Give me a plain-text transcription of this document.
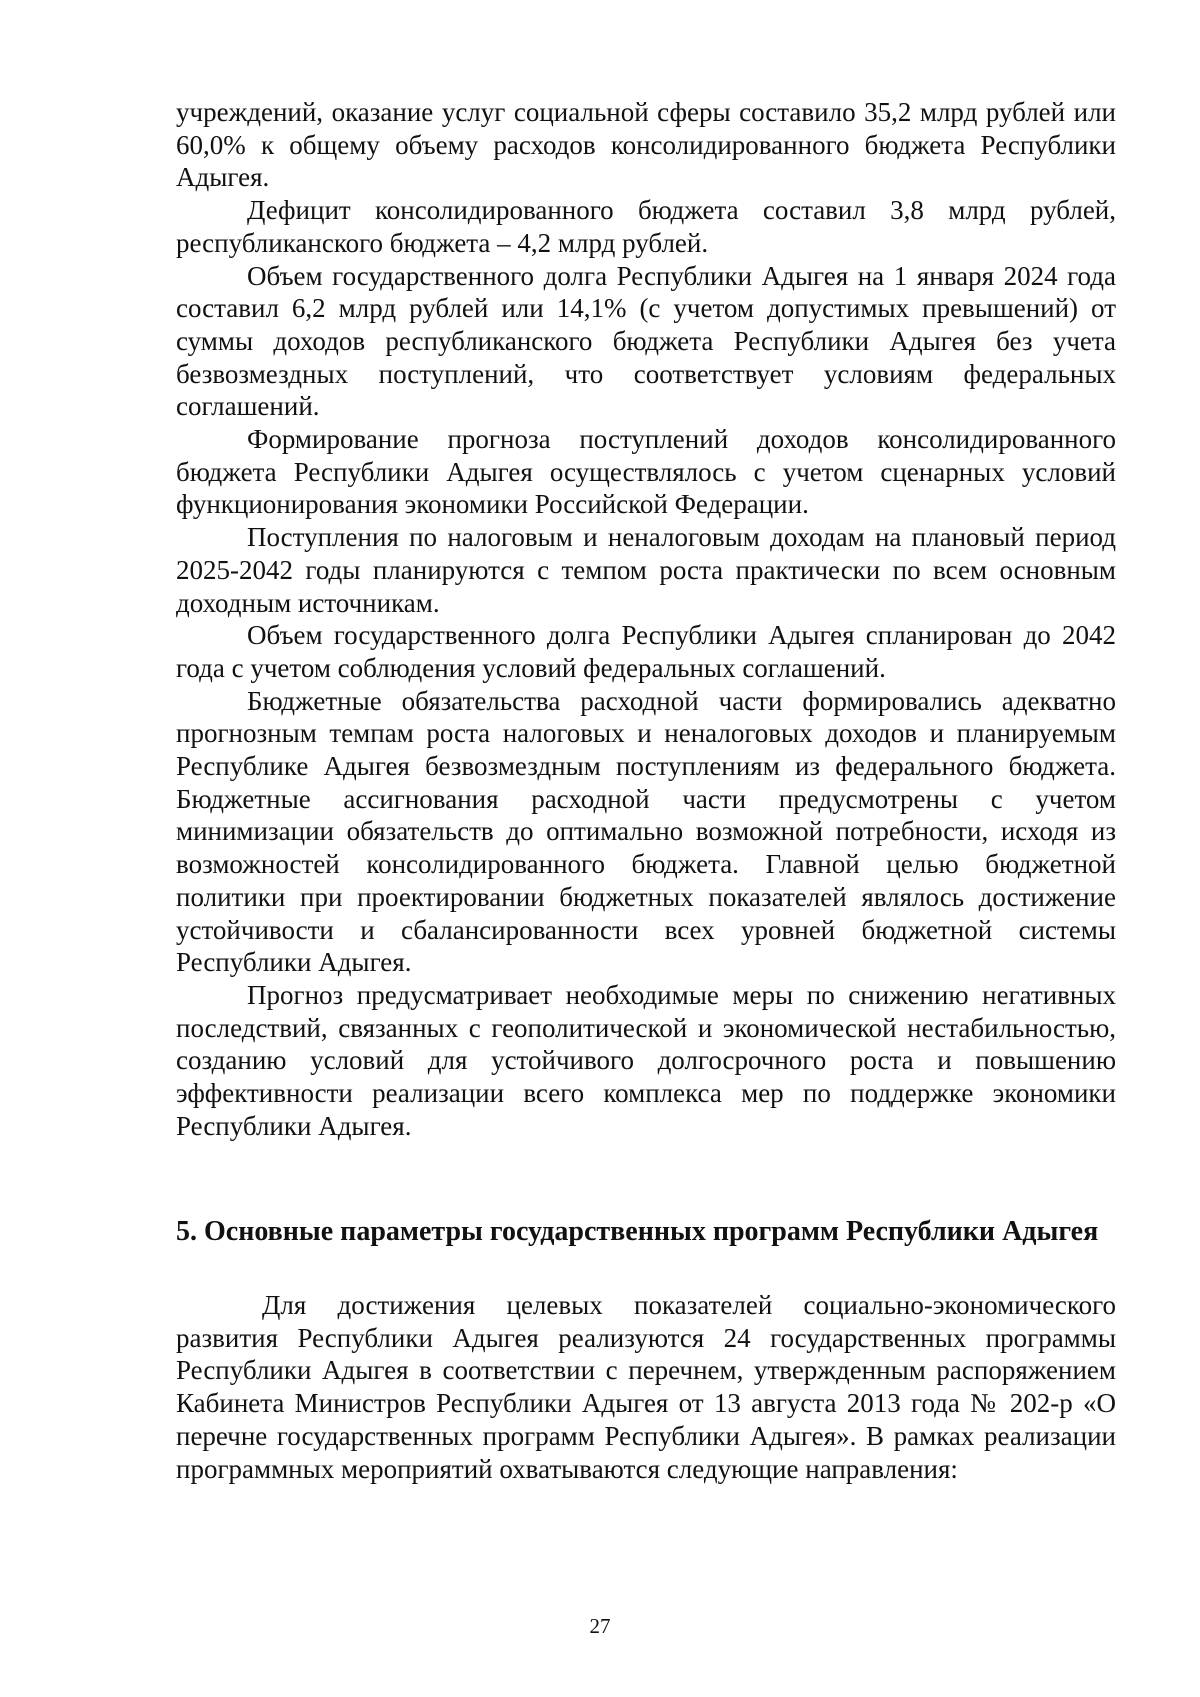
учреждений, оказание услуг социальной сферы составило 35,2 млрд рублей или 60,0% к общему объему расходов консолидированного бюджета Республики Адыгея.

Дефицит консолидированного бюджета составил 3,8 млрд рублей, республиканского бюджета – 4,2 млрд рублей.

Объем государственного долга Республики Адыгея на 1 января 2024 года составил 6,2 млрд рублей или 14,1% (с учетом допустимых превышений) от суммы доходов республиканского бюджета Республики Адыгея без учета безвозмездных поступлений, что соответствует условиям федеральных соглашений.

Формирование прогноза поступлений доходов консолидированного бюджета Республики Адыгея осуществлялось с учетом сценарных условий функционирования экономики Российской Федерации.

Поступления по налоговым и неналоговым доходам на плановый период 2025-2042 годы планируются с темпом роста практически по всем основным доходным источникам.

Объем государственного долга Республики Адыгея спланирован до 2042 года с учетом соблюдения условий федеральных соглашений.

Бюджетные обязательства расходной части формировались адекватно прогнозным темпам роста налоговых и неналоговых доходов и планируемым Республике Адыгея безвозмездным поступлениям из федерального бюджета. Бюджетные ассигнования расходной части предусмотрены с учетом минимизации обязательств до оптимально возможной потребности, исходя из возможностей консолидированного бюджета. Главной целью бюджетной политики при проектировании бюджетных показателей являлось достижение устойчивости и сбалансированности всех уровней бюджетной системы Республики Адыгея.

Прогноз предусматривает необходимые меры по снижению негативных последствий, связанных с геополитической и экономической нестабильностью, созданию условий для устойчивого долгосрочного роста и повышению эффективности реализации всего комплекса мер по поддержке экономики Республики Адыгея.

5. Основные параметры государственных программ Республики Адыгея

Для достижения целевых показателей социально-экономического развития Республики Адыгея реализуются 24 государственных программы Республики Адыгея в соответствии с перечнем, утвержденным распоряжением Кабинета Министров Республики Адыгея от 13 августа 2013 года № 202-р «О перечне государственных программ Республики Адыгея». В рамках реализации программных мероприятий охватываются следующие направления:

27
